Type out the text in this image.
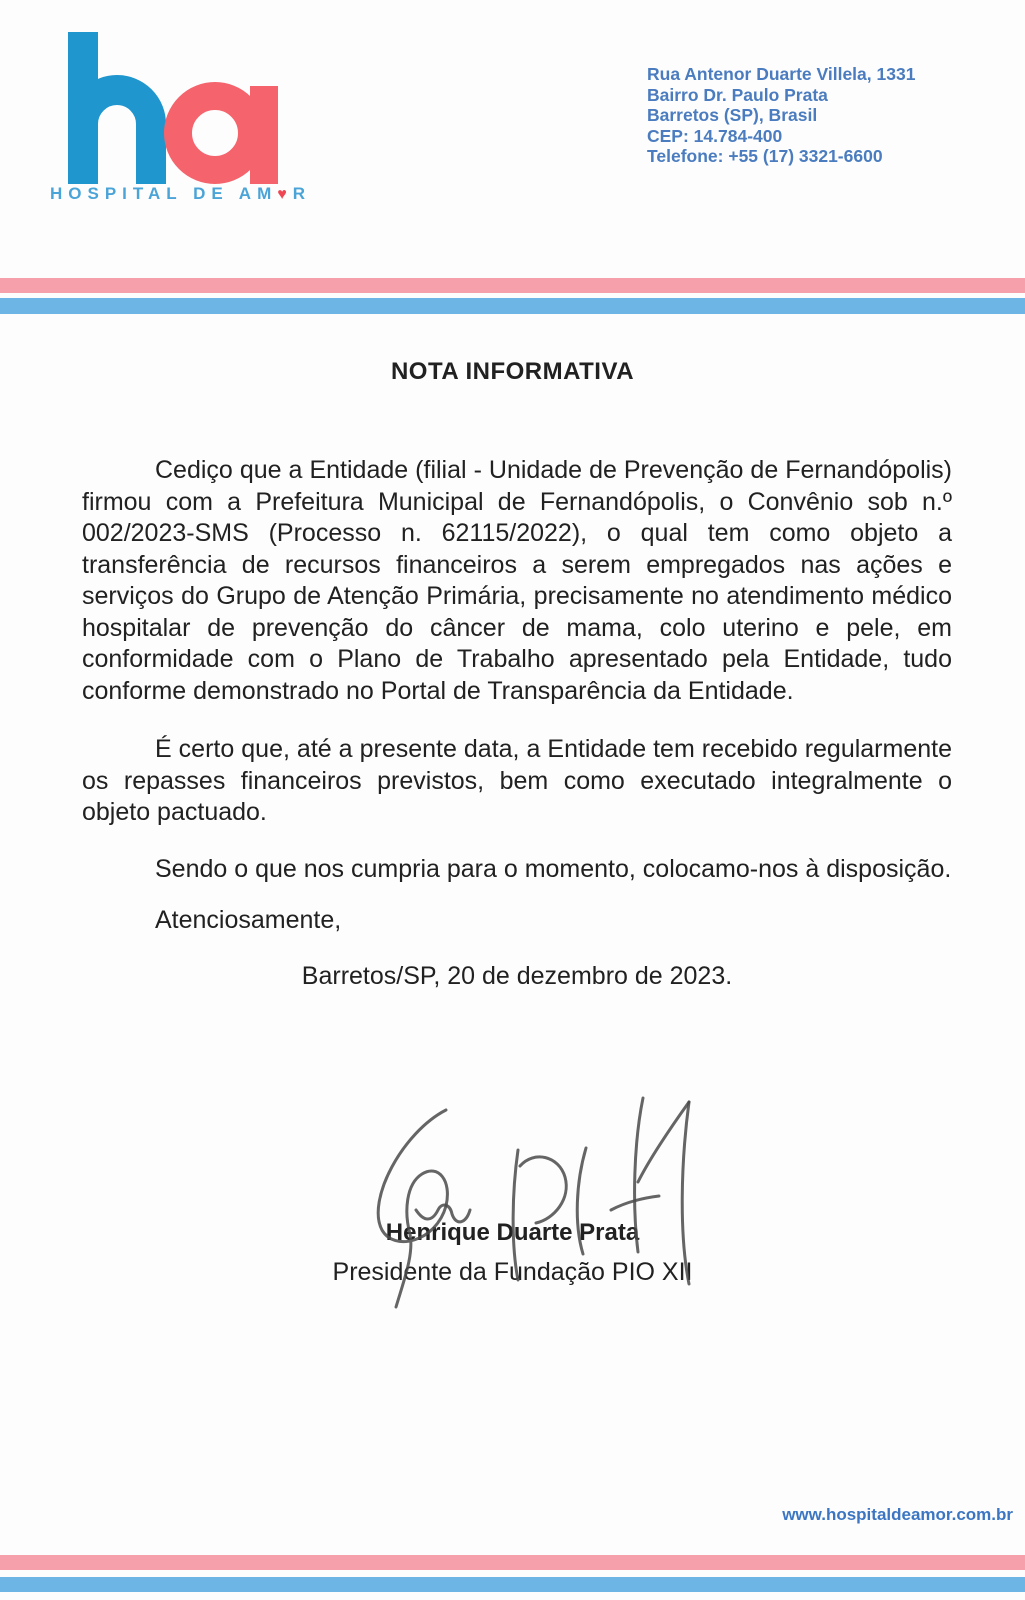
HOSPITAL DE AM♥R
Rua Antenor Duarte Villela, 1331
Bairro Dr. Paulo Prata
Barretos (SP), Brasil
CEP: 14.784-400
Telefone: +55 (17) 3321-6600
NOTA INFORMATIVA

Cediço que a Entidade (filial - Unidade de Prevenção de Fernandópolis) firmou com a Prefeitura Municipal de Fernandópolis, o Convênio sob n.º 002/2023-SMS (Processo n. 62115/2022), o qual tem como objeto a transferência de recursos financeiros a serem empregados nas ações e serviços do Grupo de Atenção Primária, precisamente no atendimento médico hospitalar de prevenção do câncer de mama, colo uterino e pele, em conformidade com o Plano de Trabalho apresentado pela Entidade, tudo conforme demonstrado no Portal de Transparência da Entidade.

É certo que, até a presente data, a Entidade tem recebido regularmente os repasses financeiros previstos, bem como executado integralmente o objeto pactuado.

Sendo o que nos cumpria para o momento, colocamo-nos à disposição.

Atenciosamente,

Barretos/SP, 20 de dezembro de 2023.

Henrique Duarte Prata
Presidente da Fundação PIO XII
www.hospitaldeamor.com.br
